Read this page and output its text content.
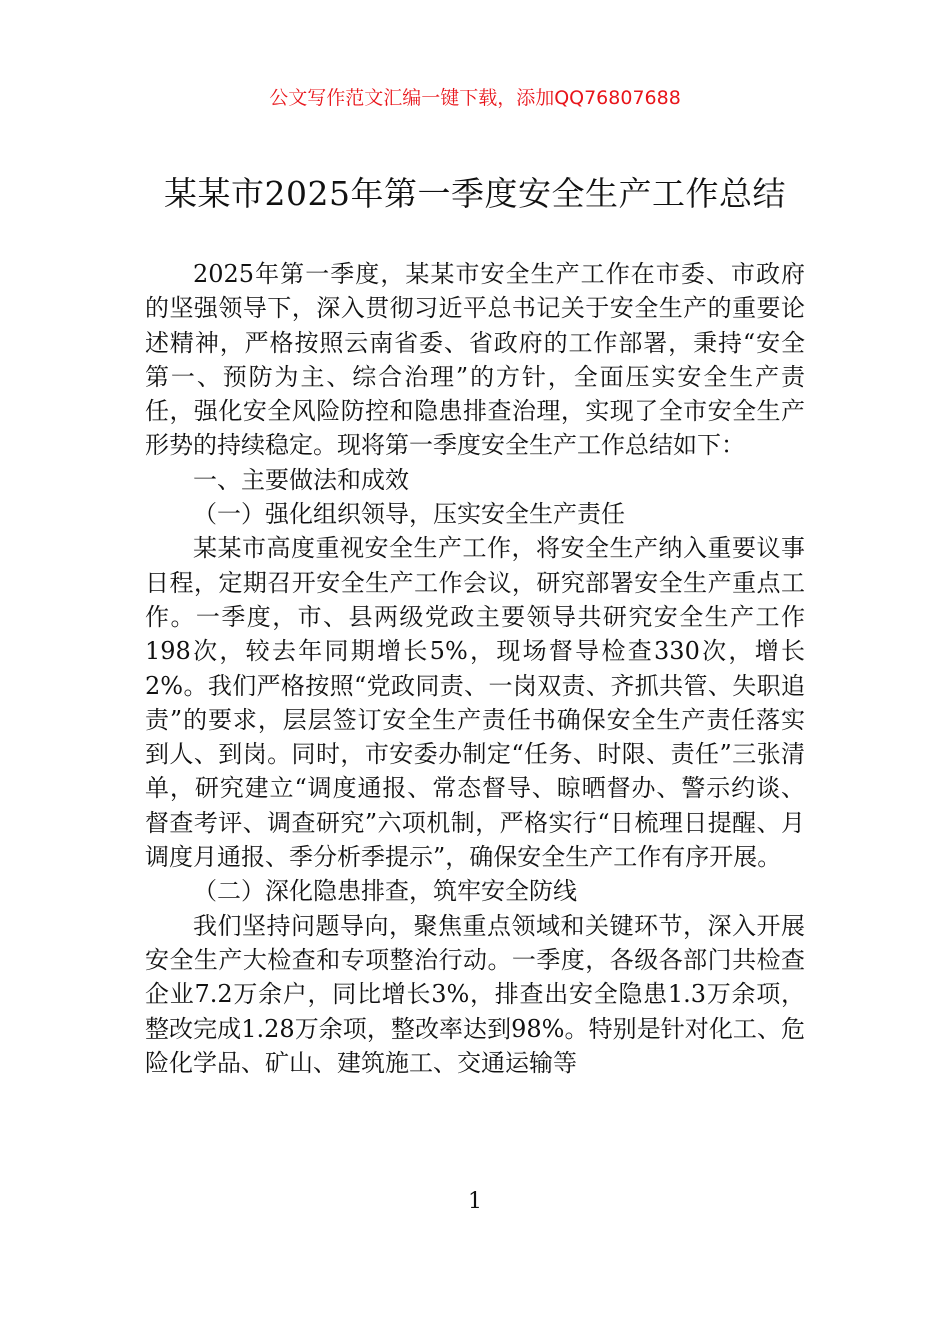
公文写作范文汇编一键下载，添加QQ76807688
某某市2025年第一季度安全生产工作总结

2025年第一季度，某某市安全生产工作在市委、市政府的坚强领导下，深入贯彻习近平总书记关于安全生产的重要论述精神，严格按照云南省委、省政府的工作部署，秉持“安全第一、预防为主、综合治理”的方针，全面压实安全生产责任，强化安全风险防控和隐患排查治理，实现了全市安全生产形势的持续稳定。现将第一季度安全生产工作总结如下：

一、主要做法和成效

（一）强化组织领导，压实安全生产责任

某某市高度重视安全生产工作，将安全生产纳入重要议事日程，定期召开安全生产工作会议，研究部署安全生产重点工作。一季度，市、县两级党政主要领导共研究安全生产工作198次，较去年同期增长5%，现场督导检查330次，增长2%。我们严格按照“党政同责、一岗双责、齐抓共管、失职追责”的要求，层层签订安全生产责任书确保安全生产责任落实到人、到岗。同时，市安委办制定“任务、时限、责任”三张清单，研究建立“调度通报、常态督导、晾晒督办、警示约谈、督查考评、调查研究”六项机制，严格实行“日梳理日提醒、月调度月通报、季分析季提示”，确保安全生产工作有序开展。

（二）深化隐患排查，筑牢安全防线

我们坚持问题导向，聚焦重点领域和关键环节，深入开展安全生产大检查和专项整治行动。一季度，各级各部门共检查企业7.2万余户，同比增长3%，排查出安全隐患1.3万余项，整改完成1.28万余项，整改率达到98%。特别是针对化工、危险化学品、矿山、建筑施工、交通运输等

1
